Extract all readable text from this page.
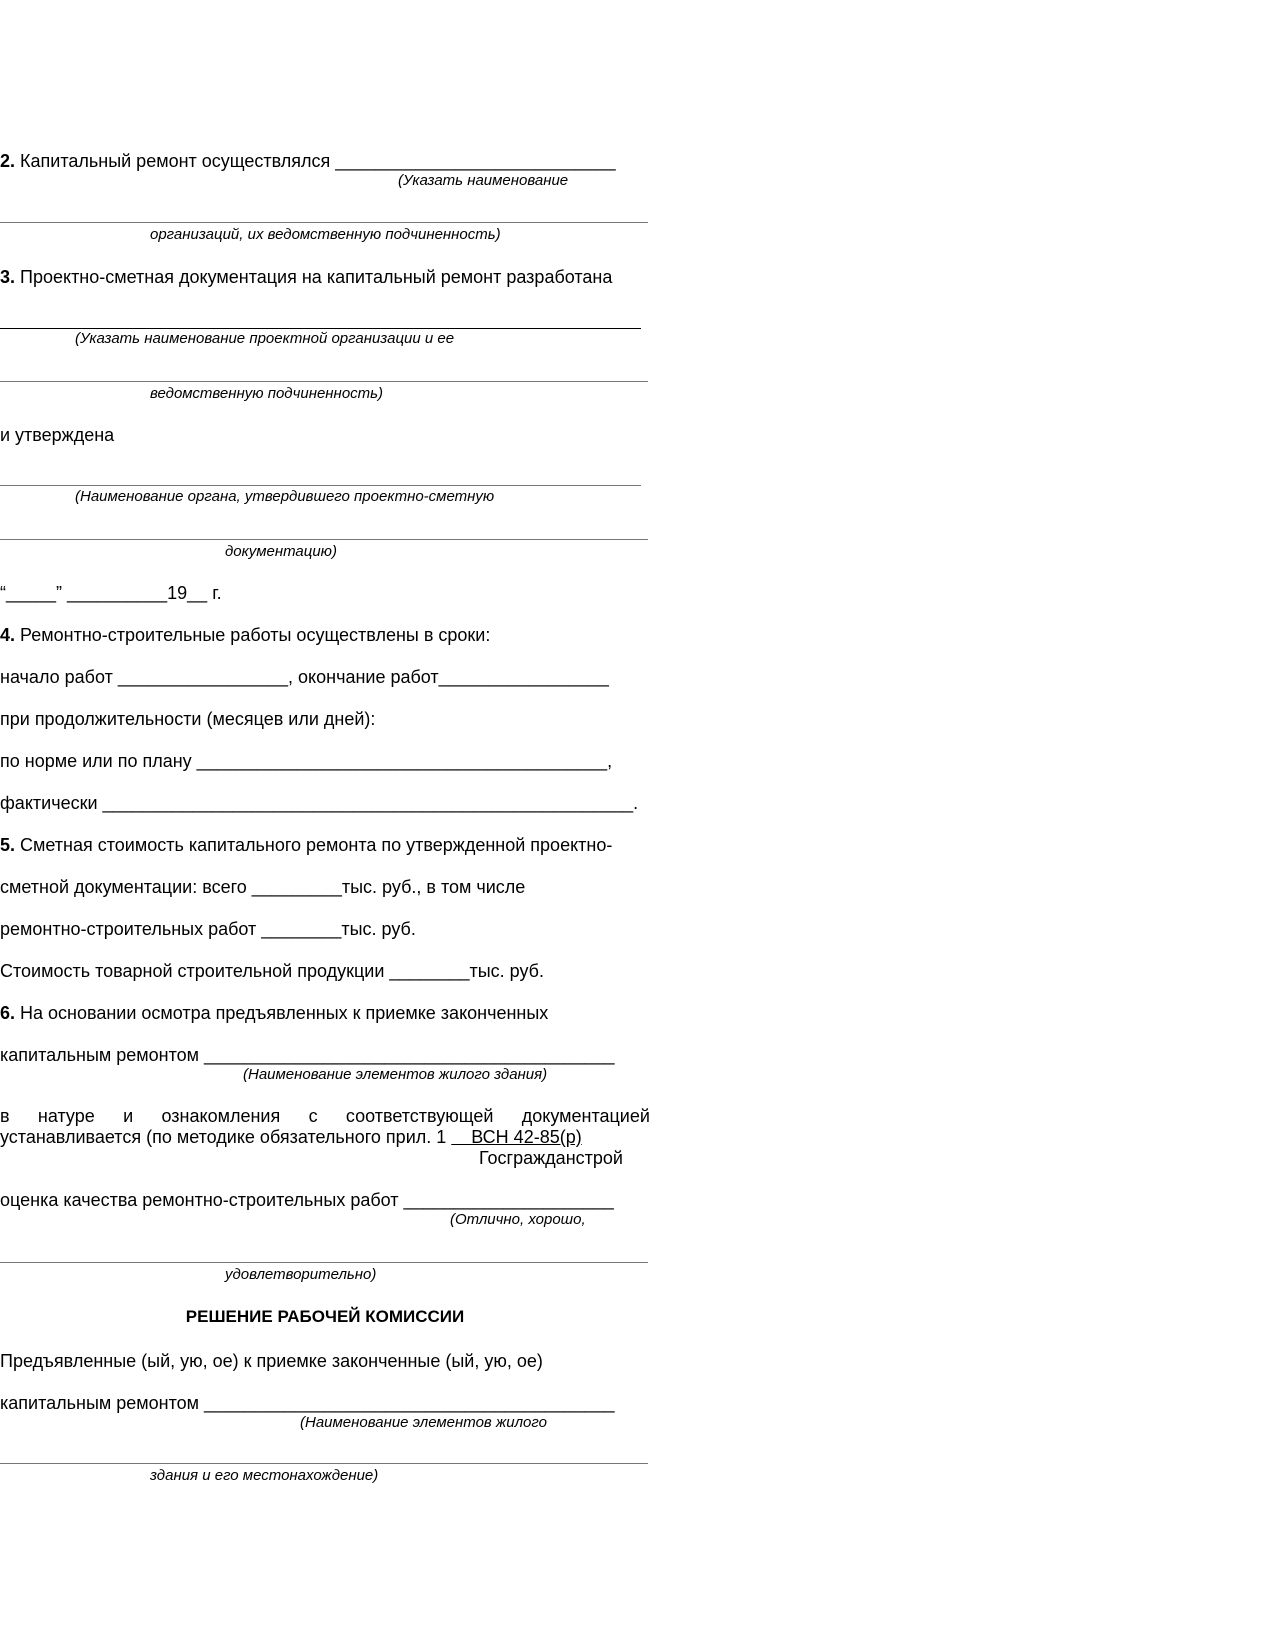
2. Капитальный ремонт осуществлялся ____________________________
(Указать наименование
организаций, их ведомственную подчиненность)
3. Проектно-сметная документация на капитальный ремонт разработана
(Указать наименование проектной организации и ее
ведомственную подчиненность)
и утверждена
(Наименование органа, утвердившего проектно-сметную
документацию)
“_____” __________19__ г.
4. Ремонтно-строительные работы осуществлены в сроки:
начало работ _________________, окончание работ_________________
при продолжительности (месяцев или дней):
по норме или по плану _________________________________________,
фактически _____________________________________________________.
5. Сметная стоимость капитального ремонта по утвержденной проектно-
сметной документации: всего _________тыс. руб., в том числе
ремонтно-строительных работ ________тыс. руб.
Стоимость товарной строительной продукции ________тыс. руб.
6. На основании осмотра предъявленных к приемке законченных
капитальным ремонтом _________________________________________
(Наименование элементов жилого здания)
в натуре и ознакомления с соответствующей документацией
устанавливается (по методике обязательного прил. 1     ВСН 42-85(р)
Госгражданстрой
оценка качества ремонтно-строительных работ _____________________
(Отлично, хорошо,
удовлетворительно)
РЕШЕНИЕ РАБОЧЕЙ КОМИССИИ
Предъявленные (ый, ую, ое) к приемке законченные (ый, ую, ое)
капитальным ремонтом _________________________________________
(Наименование элементов жилого
здания и его местонахождение)
